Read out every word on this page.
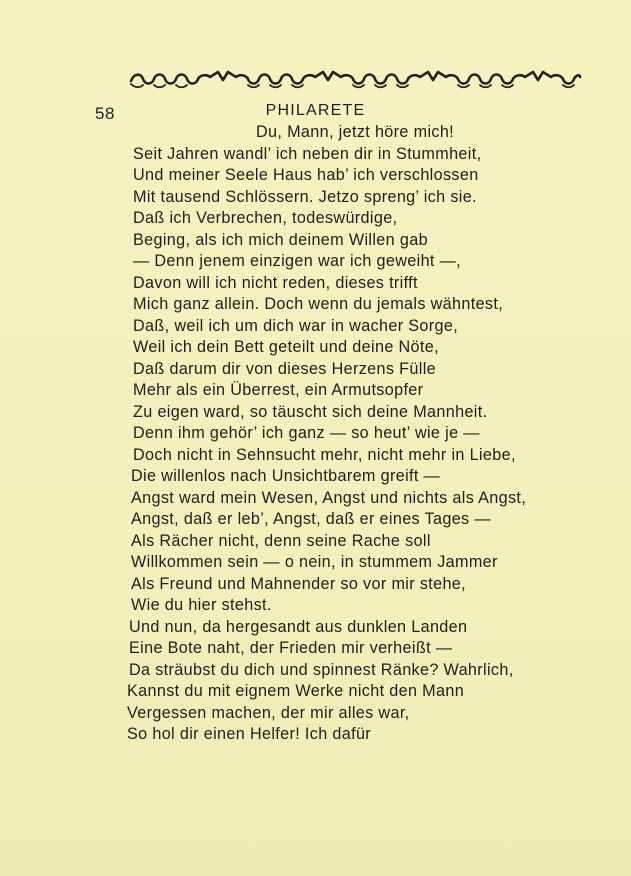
58	PHILARETE
Du, Mann, jetzt höre mich!
Seit Jahren wandl’ ich neben dir in Stummheit,
Und meiner Seele Haus hab’ ich verschlossen
Mit tausend Schlössern. Jetzo spreng’ ich sie.
Daß ich Verbrechen, todeswürdige,
Beging, als ich mich deinem Willen gab
— Denn jenem einzigen war ich geweiht —,
Davon will ich nicht reden, dieses trifft
Mich ganz allein. Doch wenn du jemals wähntest,
Daß, weil ich um dich war in wacher Sorge,
Weil ich dein Bett geteilt und deine Nöte,
Daß darum dir von dieses Herzens Fülle
Mehr als ein Überrest, ein Armutsopfer
Zu eigen ward, so täuscht sich deine Mannheit.
Denn ihm gehör’ ich ganz — so heut’ wie je —
Doch nicht in Sehnsucht mehr, nicht mehr in Liebe,
Die willenlos nach Unsichtbarem greift —
Angst ward mein Wesen, Angst und nichts als Angst,
Angst, daß er leb’, Angst, daß er eines Tages —
Als Rächer nicht, denn seine Rache soll
Willkommen sein — o nein, in stummem Jammer
Als Freund und Mahnender so vor mir stehe,
Wie du hier stehst.
Und nun, da hergesandt aus dunklen Landen
Eine Bote naht, der Frieden mir verheißt —
Da sträubst du dich und spinnest Ränke? Wahrlich,
Kannst du mit eignem Werke nicht den Mann
Vergessen machen, der mir alles war,
So hol dir einen Helfer! Ich dafür
